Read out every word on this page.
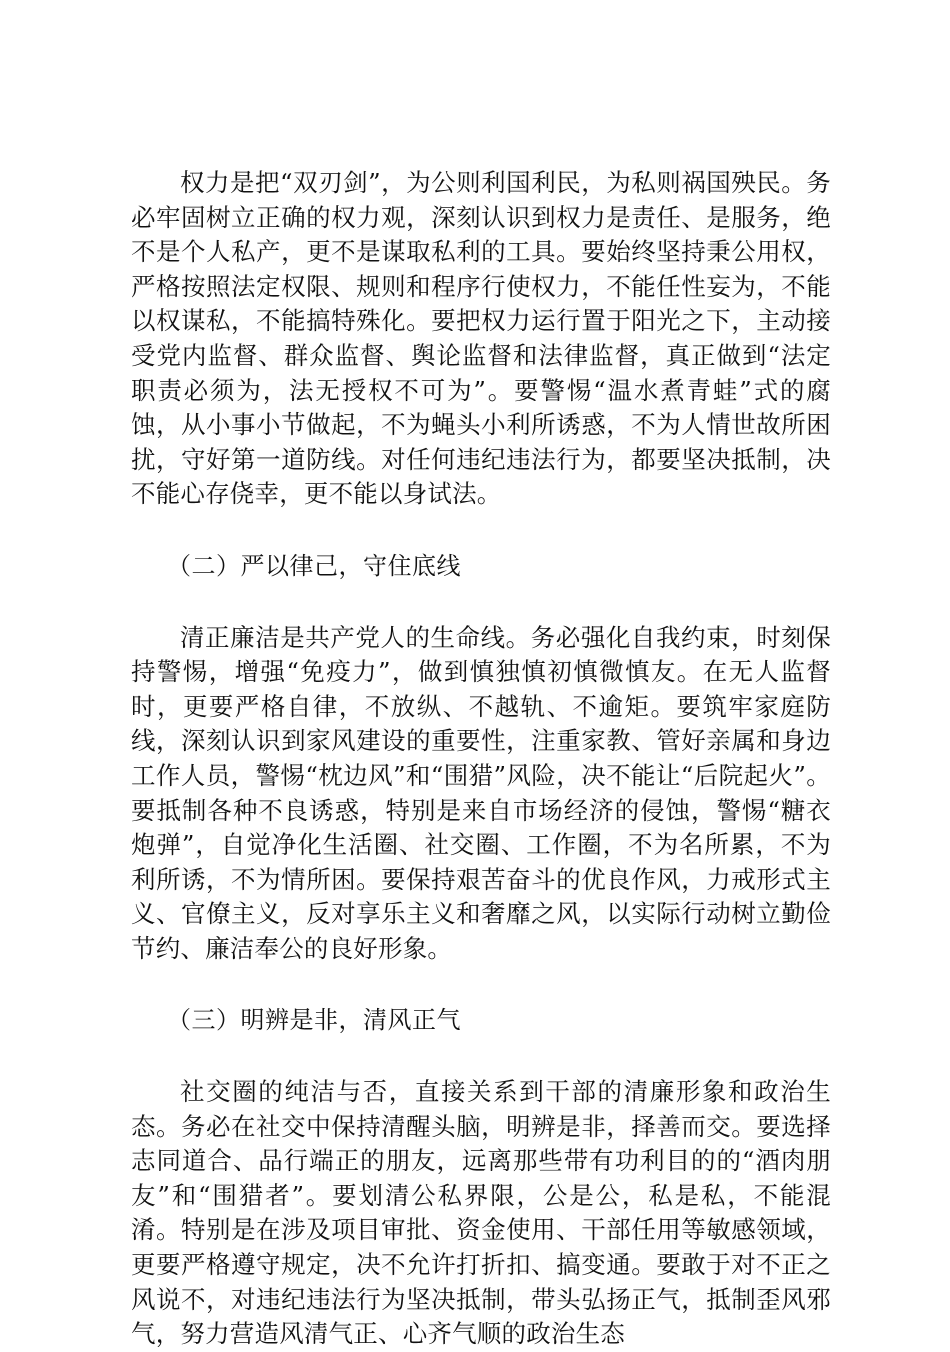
权力是把“双刃剑”，为公则利国利民，为私则祸国殃民。务必牢固树立正确的权力观，深刻认识到权力是责任、是服务，绝不是个人私产，更不是谋取私利的工具。要始终坚持秉公用权，严格按照法定权限、规则和程序行使权力，不能任性妄为，不能以权谋私，不能搞特殊化。要把权力运行置于阳光之下，主动接受党内监督、群众监督、舆论监督和法律监督，真正做到“法定职责必须为，法无授权不可为”。要警惕“温水煮青蛙”式的腐蚀，从小事小节做起，不为蝇头小利所诱惑，不为人情世故所困扰，守好第一道防线。对任何违纪违法行为，都要坚决抵制，决不能心存侥幸，更不能以身试法。

（二）严以律己，守住底线

清正廉洁是共产党人的生命线。务必强化自我约束，时刻保持警惕，增强“免疫力”，做到慎独慎初慎微慎友。在无人监督时，更要严格自律，不放纵、不越轨、不逾矩。要筑牢家庭防线，深刻认识到家风建设的重要性，注重家教、管好亲属和身边工作人员，警惕“枕边风”和“围猎”风险，决不能让“后院起火”。要抵制各种不良诱惑，特别是来自市场经济的侵蚀，警惕“糖衣炮弹”，自觉净化生活圈、社交圈、工作圈，不为名所累，不为利所诱，不为情所困。要保持艰苦奋斗的优良作风，力戒形式主义、官僚主义，反对享乐主义和奢靡之风，以实际行动树立勤俭节约、廉洁奉公的良好形象。

（三）明辨是非，清风正气

社交圈的纯洁与否，直接关系到干部的清廉形象和政治生态。务必在社交中保持清醒头脑，明辨是非，择善而交。要选择志同道合、品行端正的朋友，远离那些带有功利目的的“酒肉朋友”和“围猎者”。要划清公私界限，公是公，私是私，不能混淆。特别是在涉及项目审批、资金使用、干部任用等敏感领域，更要严格遵守规定，决不允许打折扣、搞变通。要敢于对不正之风说不，对违纪违法行为坚决抵制，带头弘扬正气，抵制歪风邪气，努力营造风清气正、心齐气顺的政治生态
